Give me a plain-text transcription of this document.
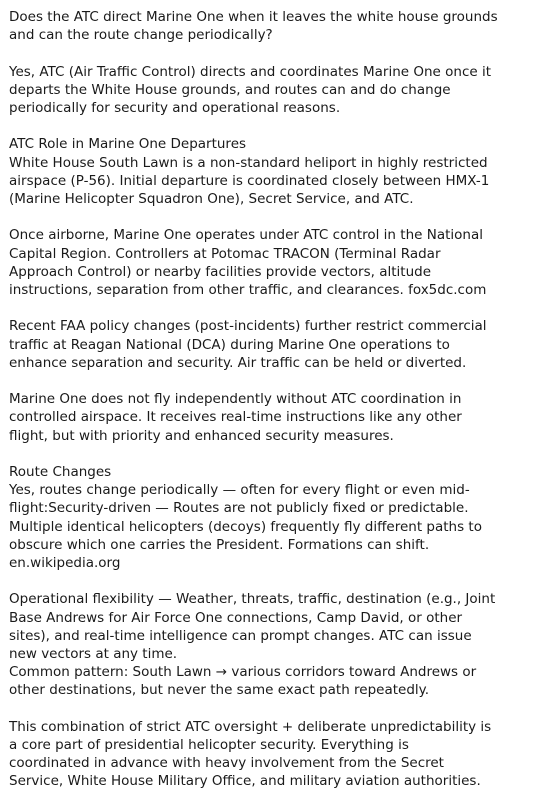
Does the ATC direct Marine One when it leaves the white house grounds
and can the route change periodically?

Yes, ATC (Air Traffic Control) directs and coordinates Marine One once it
departs the White House grounds, and routes can and do change
periodically for security and operational reasons.

ATC Role in Marine One Departures
White House South Lawn is a non-standard heliport in highly restricted
airspace (P-56). Initial departure is coordinated closely between HMX-1
(Marine Helicopter Squadron One), Secret Service, and ATC.

Once airborne, Marine One operates under ATC control in the National
Capital Region. Controllers at Potomac TRACON (Terminal Radar
Approach Control) or nearby facilities provide vectors, altitude
instructions, separation from other traffic, and clearances. fox5dc.com

Recent FAA policy changes (post-incidents) further restrict commercial
traffic at Reagan National (DCA) during Marine One operations to
enhance separation and security. Air traffic can be held or diverted.

Marine One does not fly independently without ATC coordination in
controlled airspace. It receives real-time instructions like any other
flight, but with priority and enhanced security measures.

Route Changes
Yes, routes change periodically — often for every flight or even mid-
flight:Security-driven — Routes are not publicly fixed or predictable.
Multiple identical helicopters (decoys) frequently fly different paths to
obscure which one carries the President. Formations can shift.
en.wikipedia.org

Operational flexibility — Weather, threats, traffic, destination (e.g., Joint
Base Andrews for Air Force One connections, Camp David, or other
sites), and real-time intelligence can prompt changes. ATC can issue
new vectors at any time.
Common pattern: South Lawn → various corridors toward Andrews or
other destinations, but never the same exact path repeatedly.

This combination of strict ATC oversight + deliberate unpredictability is
a core part of presidential helicopter security. Everything is
coordinated in advance with heavy involvement from the Secret
Service, White House Military Office, and military aviation authorities.
